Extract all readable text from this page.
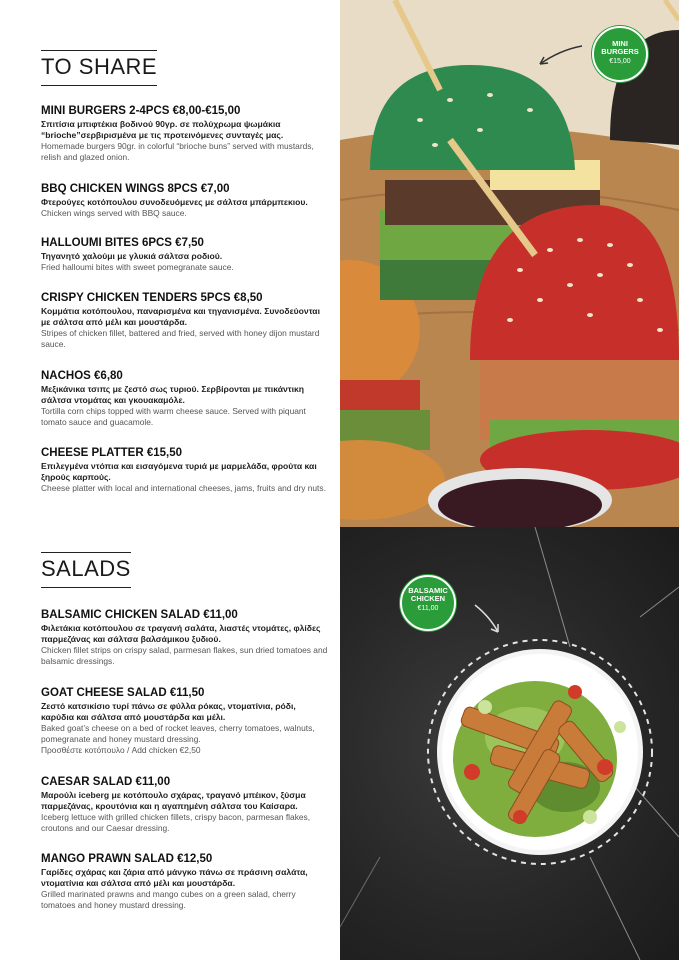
TO SHARE
MINI BURGERS 2-4PCS €8,00-€15,00
Σπιτίσια μπιφτέκια βοδινού 90γρ. σε πολύχρωμα ψωμάκια “brioche”σερβιρισμένα με τις προτεινόμενες συνταγές μας.
Homemade burgers 90gr. in colorful “brioche buns” served with mustards, relish and glazed onion.
BBQ CHICKEN WINGS 8PCS €7,00
Φτερούγες κοτόπουλου συνοδευόμενες με σάλτσα μπάρμπεκιου.
Chicken wings served with BBQ sauce.
HALLOUMI BITES 6PCS €7,50
Τηγανητό χαλούμι με γλυκιά σάλτσα ροδιού.
Fried halloumi bites with sweet pomegranate sauce.
CRISPY CHICKEN TENDERS 5PCS €8,50
Κομμάτια κοτόπουλου, παναρισμένα και τηγανισμένα. Συνοδεύονται με σάλτσα από μέλι και μουστάρδα.
Stripes of chicken fillet, battered and fried, served with honey dijon mustard sauce.
NACHOS €6,80
Μεξικάνικα τσιπς με ζεστό σως τυριού. Σερβίρονται με πικάντικη σάλτσα ντομάτας και γκουακαμόλε.
Tortilla corn chips topped with warm cheese sauce. Served with piquant tomato sauce and guacamole.
CHEESE PLATTER €15,50
Επιλεγμένα ντόπια και εισαγόμενα τυριά με μαρμελάδα, φρούτα και ξηρούς καρπούς.
Cheese platter with local and international cheeses, jams, fruits and dry nuts.
SALADS
BALSAMIC CHICKEN SALAD €11,00
Φιλετάκια κοτόπουλου σε τραγανή σαλάτα, λιαστές ντομάτες, φλίδες παρμεζάνας και σάλτσα βαλσάμικου ξυδιού.
Chicken fillet strips on crispy salad, parmesan flakes, sun dried tomatoes and balsamic dressings.
GOAT CHEESE SALAD €11,50
Ζεστό κατσικίσιο τυρί πάνω σε φύλλα ρόκας, ντοματίνια, ρόδι, καρύδια και σάλτσα από μουστάρδα και μέλι.
Baked goat’s cheese on a bed of rocket leaves, cherry tomatoes, walnuts, pomegranate and honey mustard dressing.
Προσθέστε κοτόπουλο / Add chicken €2,50
CAESAR SALAD €11,00
Μαρούλι iceberg με κοτόπουλο σχάρας, τραγανό μπέικον, ξύσμα παρμεζάνας, κρουτόνια και η αγαπημένη σάλτσα του Καίσαρα.
Iceberg lettuce with grilled chicken fillets, crispy bacon, parmesan flakes, croutons and our Caesar dressing.
MANGO PRAWN SALAD €12,50
Γαρίδες σχάρας και ζάρια από μάνγκο πάνω σε πράσινη σαλάτα, ντοματίνια και σάλτσα από μέλι και μουστάρδα.
Grilled marinated prawns and mango cubes on a green salad, cherry tomatoes and honey mustard dressing.
MINI BURGERS
€15,00
BALSAMIC CHICKEN
€11,00
